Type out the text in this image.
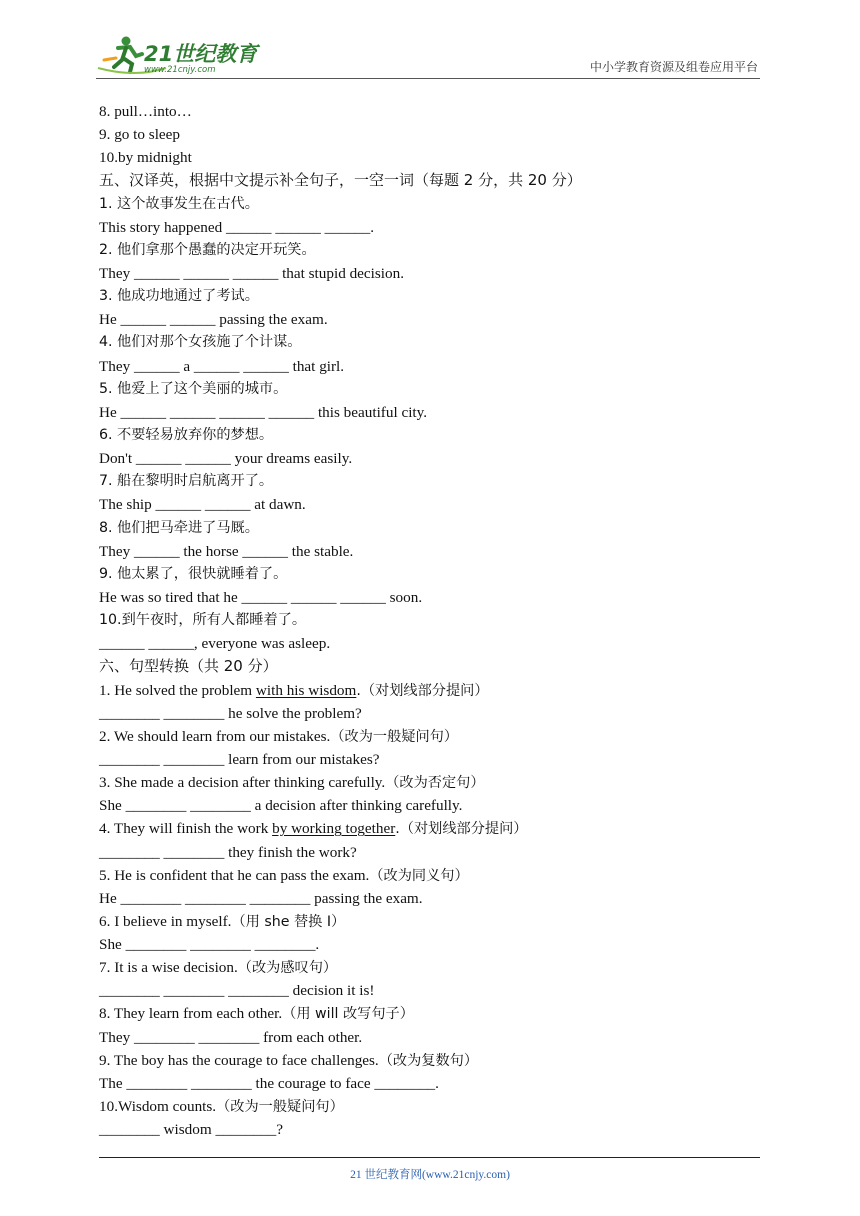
21世纪教育
www.21cnjy.com	中小学教育资源及组卷应用平台
8. pull…into…
9. go to sleep
10.by midnight
五、汉译英，根据中文提示补全句子，一空一词（每题 2 分，共 20 分）
1. 这个故事发生在古代。
This story happened ______ ______ ______.
2. 他们拿那个愚蠢的决定开玩笑。
They ______ ______ ______ that stupid decision.
3. 他成功地通过了考试。
He ______ ______ passing the exam.
4. 他们对那个女孩施了个计谋。
They ______ a ______ ______ that girl.
5. 他爱上了这个美丽的城市。
He ______ ______ ______ ______ this beautiful city.
6. 不要轻易放弃你的梦想。
Don't ______ ______ your dreams easily.
7. 船在黎明时启航离开了。
The ship ______ ______ at dawn.
8. 他们把马牵进了马厩。
They ______ the horse ______ the stable.
9. 他太累了，很快就睡着了。
He was so tired that he ______ ______ ______ soon.
10.到午夜时，所有人都睡着了。
______ ______, everyone was asleep.
六、句型转换（共 20 分）
1. He solved the problem with his wisdom.（对划线部分提问）
________ ________ he solve the problem?
2. We should learn from our mistakes.（改为一般疑问句）
________ ________ learn from our mistakes?
3. She made a decision after thinking carefully.（改为否定句）
She ________ ________ a decision after thinking carefully.
4. They will finish the work by working together.（对划线部分提问）
________ ________ they finish the work?
5. He is confident that he can pass the exam.（改为同义句）
He ________ ________ ________ passing the exam.
6. I believe in myself.（用 she 替换 I）
She ________ ________ ________.
7. It is a wise decision.（改为感叹句）
________ ________ ________ decision it is!
8. They learn from each other.（用 will 改写句子）
They ________ ________ from each other.
9. The boy has the courage to face challenges.（改为复数句）
The ________ ________ the courage to face ________.
10.Wisdom counts.（改为一般疑问句）
________ wisdom ________?
21 世纪教育网(www.21cnjy.com)
